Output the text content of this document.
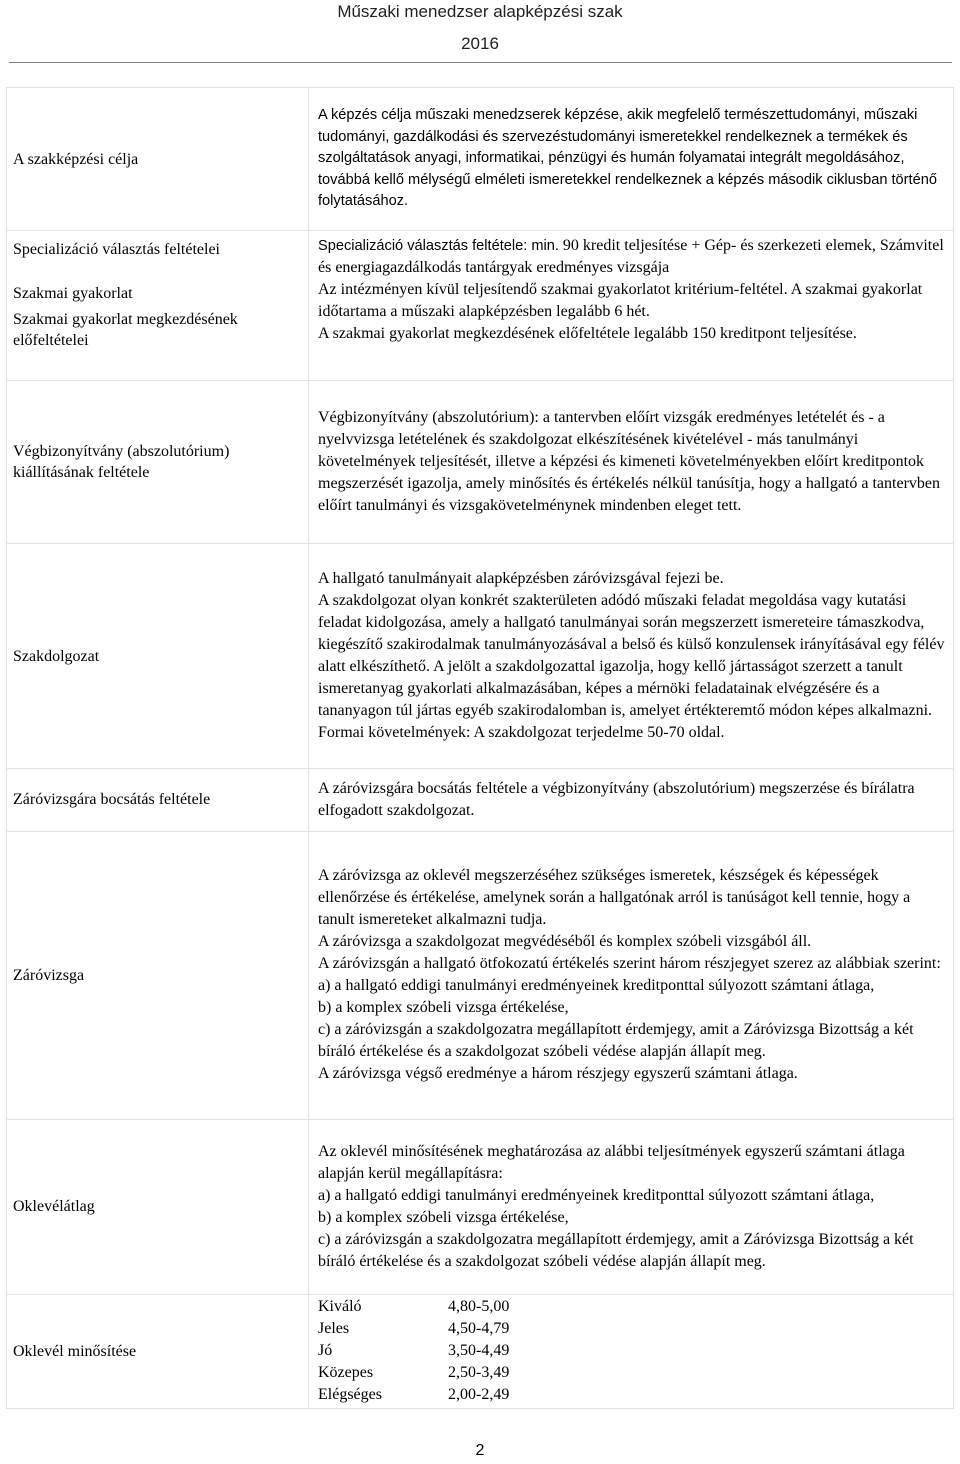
Műszaki menedzser alapképzési szak
2016
A szakképzési célja

A képzés célja műszaki menedzserek képzése, akik megfelelő természettudományi, műszaki tudományi, gazdálkodási és szervezéstudományi ismeretekkel rendelkeznek a termékek és szolgáltatások anyagi, informatikai, pénzügyi és humán folyamatai integrált megoldásához, továbbá kellő mélységű elméleti ismeretekkel rendelkeznek a képzés második ciklusban történő folytatásához.

Specializáció választás feltételei
Szakmai gyakorlat
Szakmai gyakorlat megkezdésének előfeltételei

Specializáció választás feltétele: min. 90 kredit teljesítése + Gép- és szerkezeti elemek, Számvitel és energiagazdálkodás tantárgyak eredményes vizsgája
Az intézményen kívül teljesítendő szakmai gyakorlatot kritérium-feltétel. A szakmai gyakorlat időtartama a műszaki alapképzésben legalább 6 hét.
A szakmai gyakorlat megkezdésének előfeltétele legalább 150 kreditpont teljesítése.

Végbizonyítvány (abszolutórium) kiállításának feltétele

Végbizonyítvány (abszolutórium): a tantervben előírt vizsgák eredményes letételét és - a nyelvvizsga letételének és szakdolgozat elkészítésének kivételével - más tanulmányi követelmények teljesítését, illetve a képzési és kimeneti követelményekben előírt kreditpontok megszerzését igazolja, amely minősítés és értékelés nélkül tanúsítja, hogy a hallgató a tantervben előírt tanulmányi és vizsgakövetelménynek mindenben eleget tett.

Szakdolgozat

A hallgató tanulmányait alapképzésben záróvizsgával fejezi be.
A szakdolgozat olyan konkrét szakterületen adódó műszaki feladat megoldása vagy kutatási feladat kidolgozása, amely a hallgató tanulmányai során megszerzett ismereteire támaszkodva, kiegészítő szakirodalmak tanulmányozásával a belső és külső konzulensek irányításával egy félév alatt elkészíthető. A jelölt a szakdolgozattal igazolja, hogy kellő jártasságot szerzett a tanult ismeretanyag gyakorlati alkalmazásában, képes a mérnöki feladatainak elvégzésére és a tananyagon túl jártas egyéb szakirodalomban is, amelyet értékteremtő módon képes alkalmazni. Formai követelmények: A szakdolgozat terjedelme 50-70 oldal.

Záróvizsgára bocsátás feltétele

A záróvizsgára bocsátás feltétele a végbizonyítvány (abszolutórium) megszerzése és bírálatra elfogadott szakdolgozat.

Záróvizsga

A záróvizsga az oklevél megszerzéséhez szükséges ismeretek, készségek és képességek ellenőrzése és értékelése, amelynek során a hallgatónak arról is tanúságot kell tennie, hogy a tanult ismereteket alkalmazni tudja.
A záróvizsga a szakdolgozat megvédéséből és komplex szóbeli vizsgából áll.
A záróvizsgán a hallgató ötfokozatú értékelés szerint három részjegyet szerez az alábbiak szerint:
a) a hallgató eddigi tanulmányi eredményeinek kreditponttal súlyozott számtani átlaga,
b) a komplex szóbeli vizsga értékelése,
c) a záróvizsgán a szakdolgozatra megállapított érdemjegy, amit a Záróvizsga Bizottság a két bíráló értékelése és a szakdolgozat szóbeli védése alapján állapít meg.
A záróvizsga végső eredménye a három részjegy egyszerű számtani átlaga.

Oklevélátlag

Az oklevél minősítésének meghatározása az alábbi teljesítmények egyszerű számtani átlaga alapján kerül megállapításra:
a) a hallgató eddigi tanulmányi eredményeinek kreditponttal súlyozott számtani átlaga,
b) a komplex szóbeli vizsga értékelése,
c) a záróvizsgán a szakdolgozatra megállapított érdemjegy, amit a Záróvizsga Bizottság a két bíráló értékelése és a szakdolgozat szóbeli védése alapján állapít meg.

Oklevél minősítése

Kiváló	4,80-5,00
Jeles	4,50-4,79
Jó	3,50-4,49
Közepes	2,50-3,49
Elégséges	2,00-2,49
2
